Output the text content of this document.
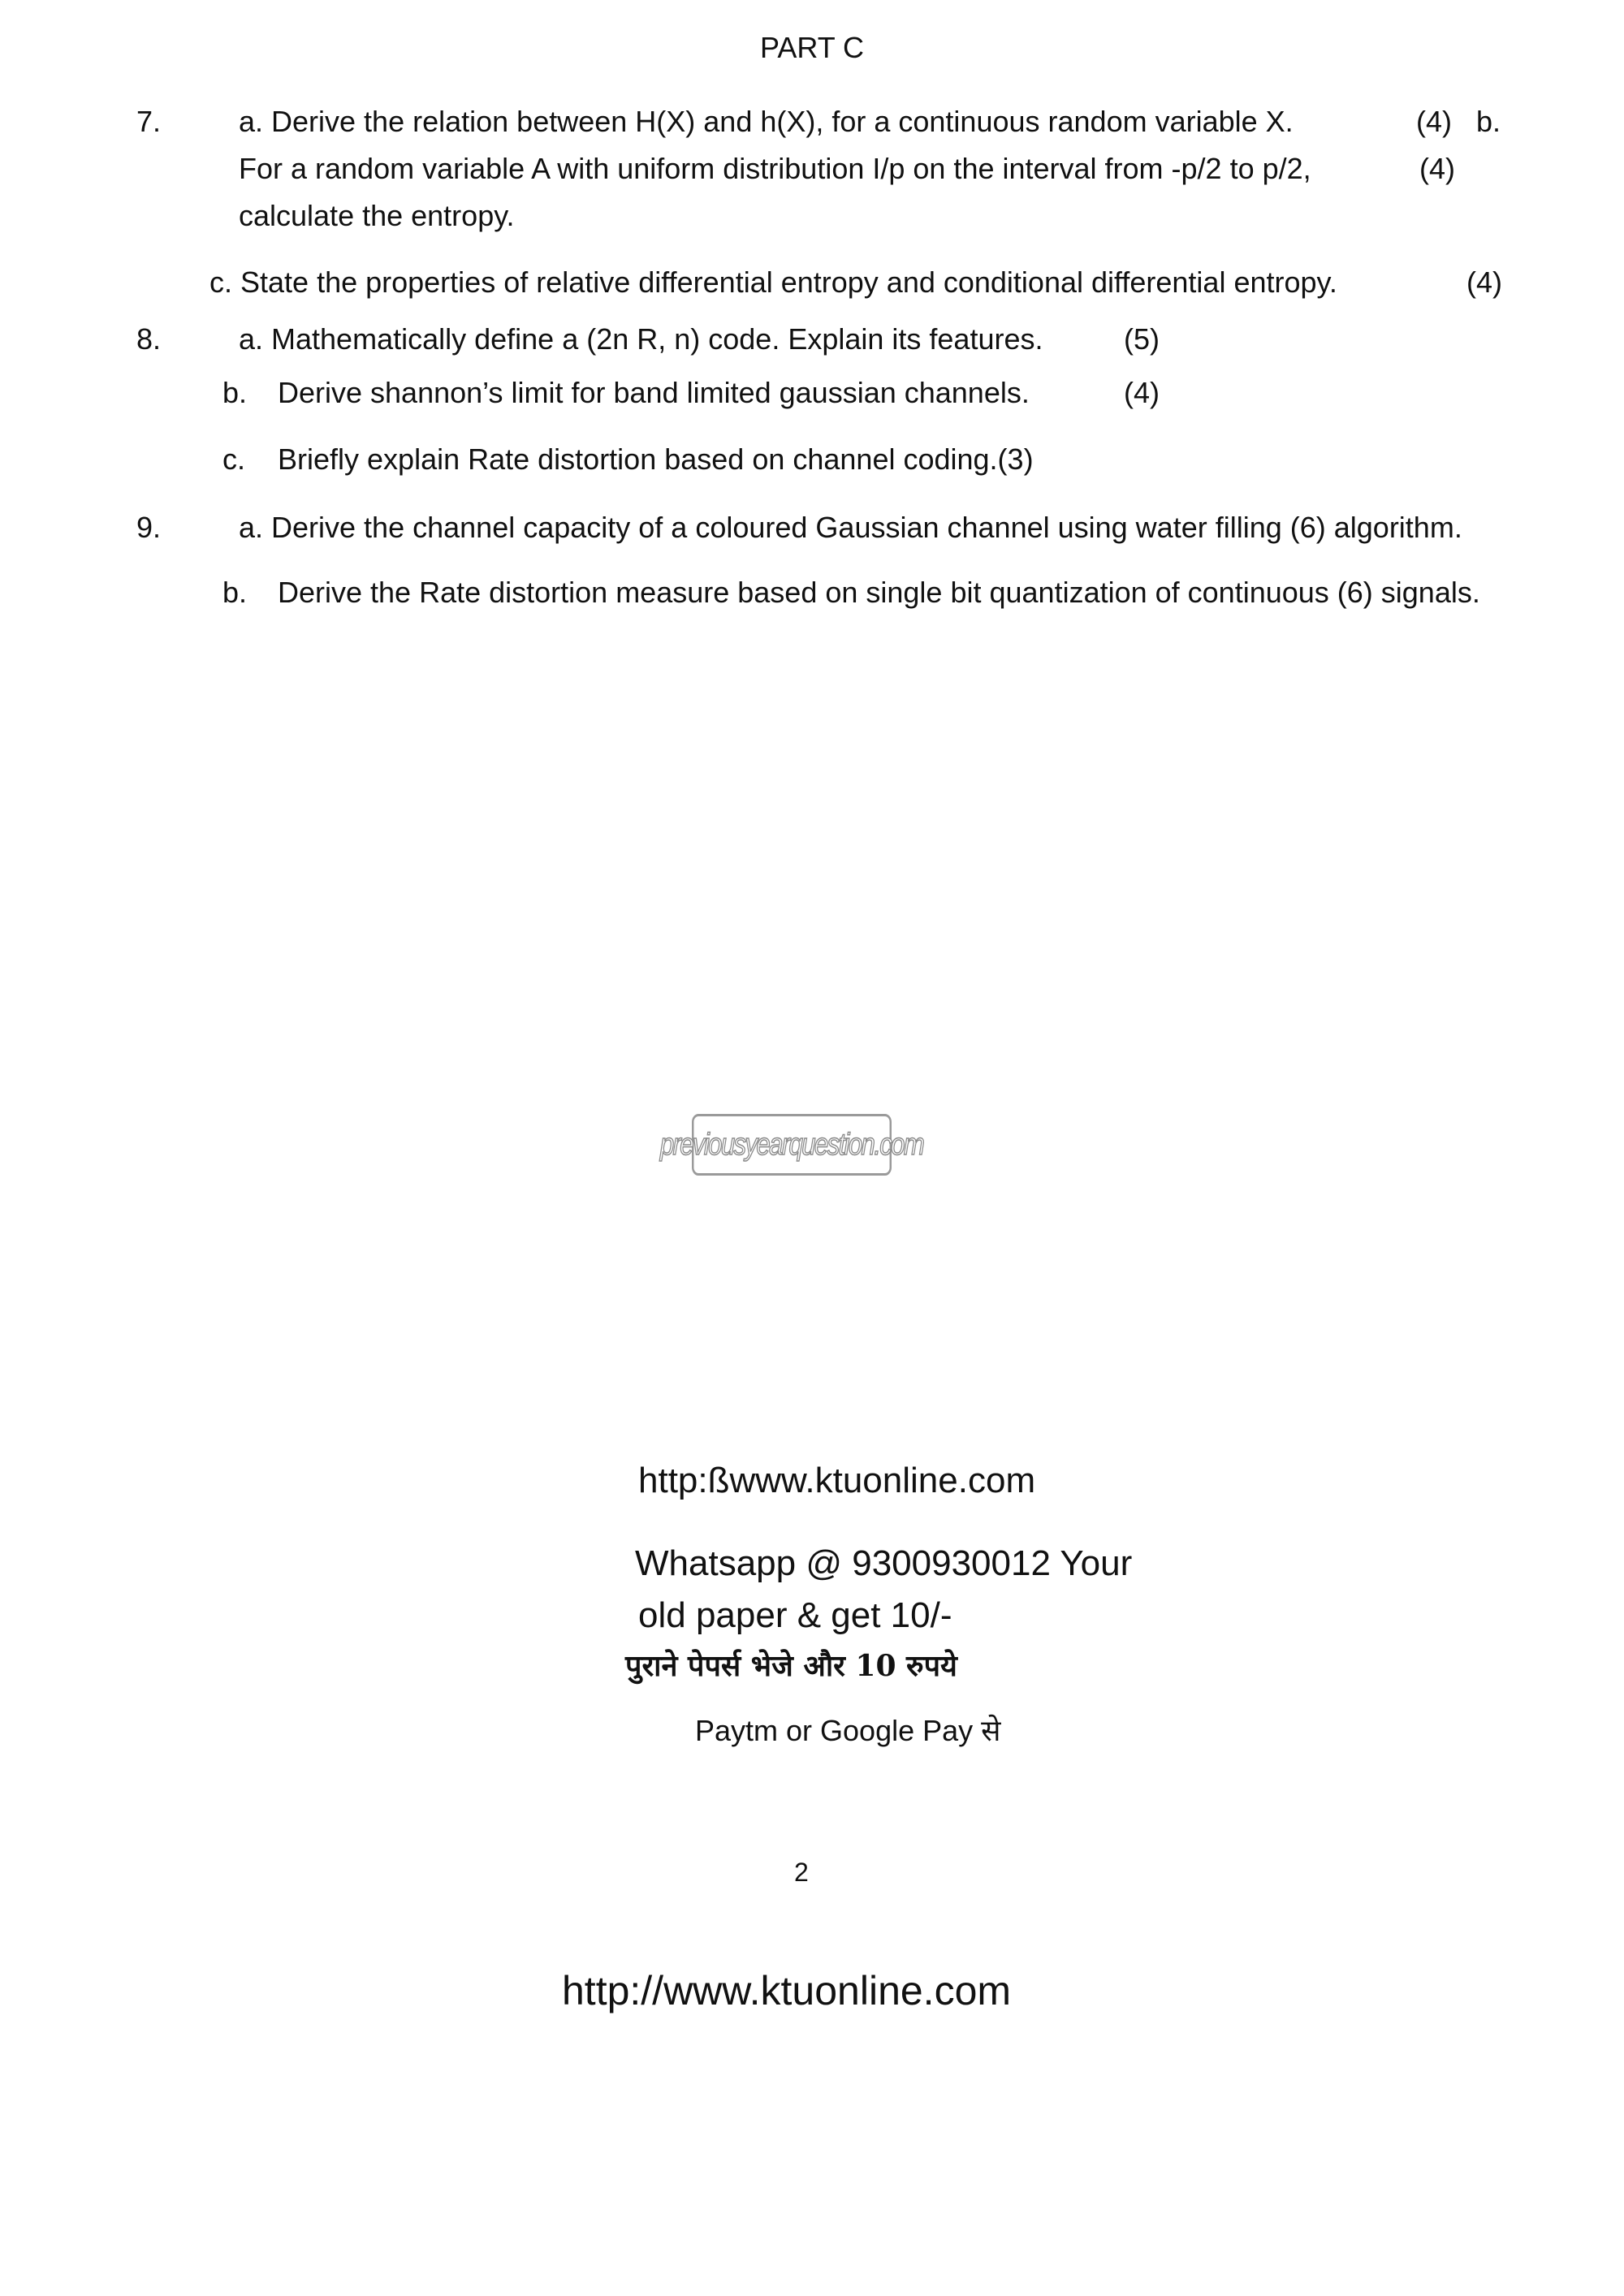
PART C
7.	a. Derive the relation between H(X) and h(X), for a continuous random variable X.	(4) b.
For a random variable A with uniform distribution I/p on the interval from -p/2 to p/2,	(4)
calculate the entropy.
c. State the properties of relative differential entropy and conditional differential entropy.	(4)
8.	a. Mathematically define a (2n R, n) code. Explain its features.	(5)
b. Derive shannon’s limit for band limited gaussian channels.	(4)
c. Briefly explain Rate distortion based on channel coding.(3)
9.	a. Derive the channel capacity of a coloured Gaussian channel using water filling (6) algorithm.
b. Derive the Rate distortion measure based on single bit quantization of continuous (6) signals.
previousyearquestion.com
http:ßwww.ktuonline.com
Whatsapp @ 9300930012 Your
old paper & get 10/-
पुराने पेपर्स भेजे और 10 रुपये
Paytm or Google Pay से
2
http://www.ktuonline.com
